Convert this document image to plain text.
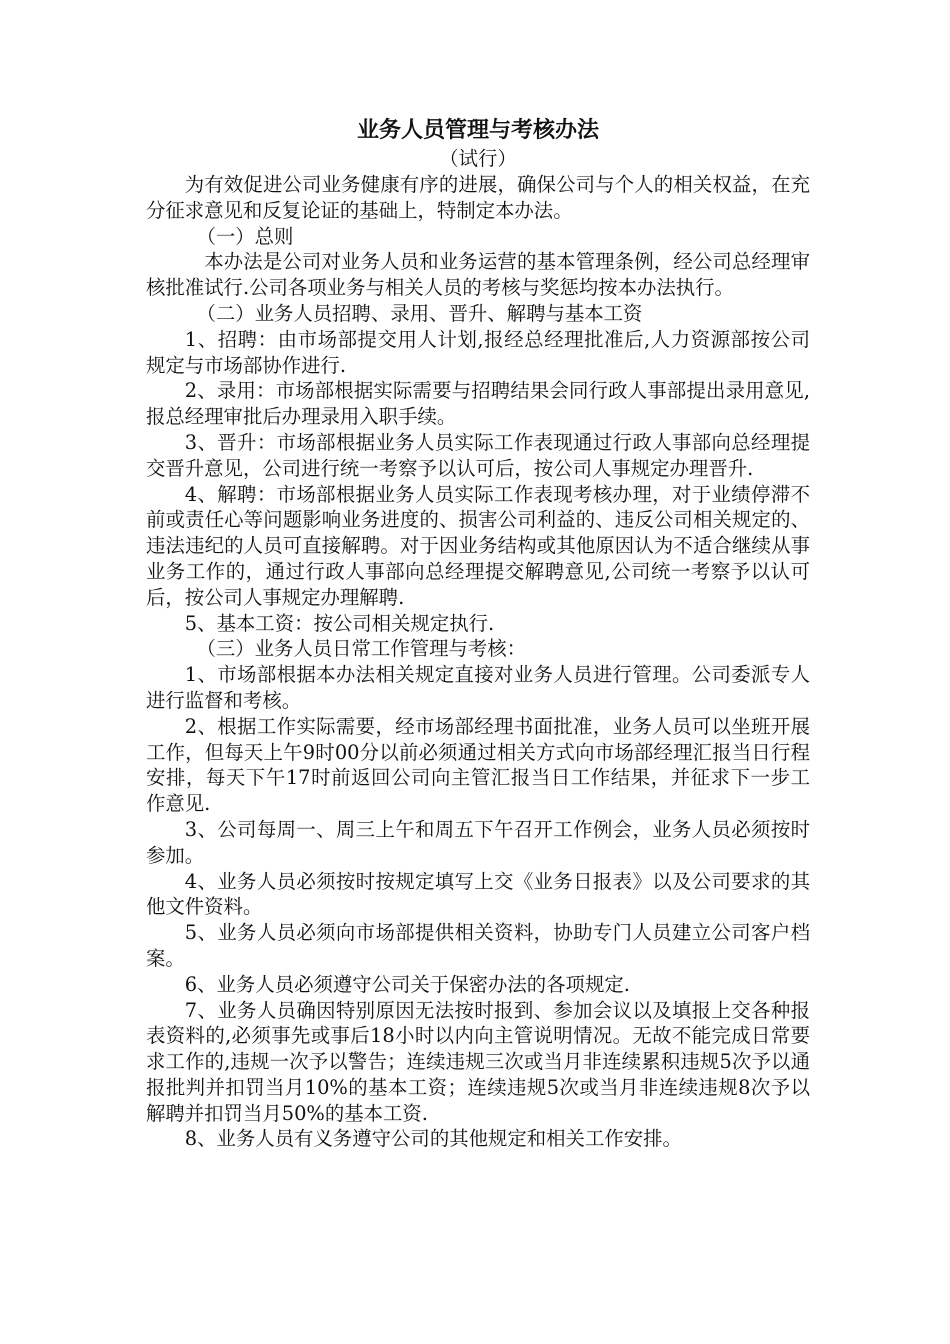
业务人员管理与考核办法

（试行）

为有效促进公司业务健康有序的进展，确保公司与个人的相关权益，在充分征求意见和反复论证的基础上，特制定本办法。

（一）总则

本办法是公司对业务人员和业务运营的基本管理条例，经公司总经理审核批准试行.公司各项业务与相关人员的考核与奖惩均按本办法执行。

（二）业务人员招聘、录用、晋升、解聘与基本工资

1、招聘：由市场部提交用人计划,报经总经理批准后,人力资源部按公司规定与市场部协作进行.

2、录用：市场部根据实际需要与招聘结果会同行政人事部提出录用意见,报总经理审批后办理录用入职手续。

3、晋升：市场部根据业务人员实际工作表现通过行政人事部向总经理提交晋升意见，公司进行统一考察予以认可后，按公司人事规定办理晋升.

4、解聘：市场部根据业务人员实际工作表现考核办理，对于业绩停滞不前或责任心等问题影响业务进度的、损害公司利益的、违反公司相关规定的、违法违纪的人员可直接解聘。对于因业务结构或其他原因认为不适合继续从事业务工作的，通过行政人事部向总经理提交解聘意见,公司统一考察予以认可后，按公司人事规定办理解聘.

5、基本工资：按公司相关规定执行.

（三）业务人员日常工作管理与考核：

1、市场部根据本办法相关规定直接对业务人员进行管理。公司委派专人进行监督和考核。

2、根据工作实际需要，经市场部经理书面批准，业务人员可以坐班开展工作，但每天上午9时00分以前必须通过相关方式向市场部经理汇报当日行程安排，每天下午17时前返回公司向主管汇报当日工作结果，并征求下一步工作意见.

3、公司每周一、周三上午和周五下午召开工作例会，业务人员必须按时参加。

4、业务人员必须按时按规定填写上交《业务日报表》以及公司要求的其他文件资料。

5、业务人员必须向市场部提供相关资料，协助专门人员建立公司客户档案。

6、业务人员必须遵守公司关于保密办法的各项规定.

7、业务人员确因特别原因无法按时报到、参加会议以及填报上交各种报表资料的,必须事先或事后18小时以内向主管说明情况。无故不能完成日常要求工作的,违规一次予以警告；连续违规三次或当月非连续累积违规5次予以通报批判并扣罚当月10%的基本工资；连续违规5次或当月非连续违规8次予以解聘并扣罚当月50%的基本工资.

8、业务人员有义务遵守公司的其他规定和相关工作安排。
